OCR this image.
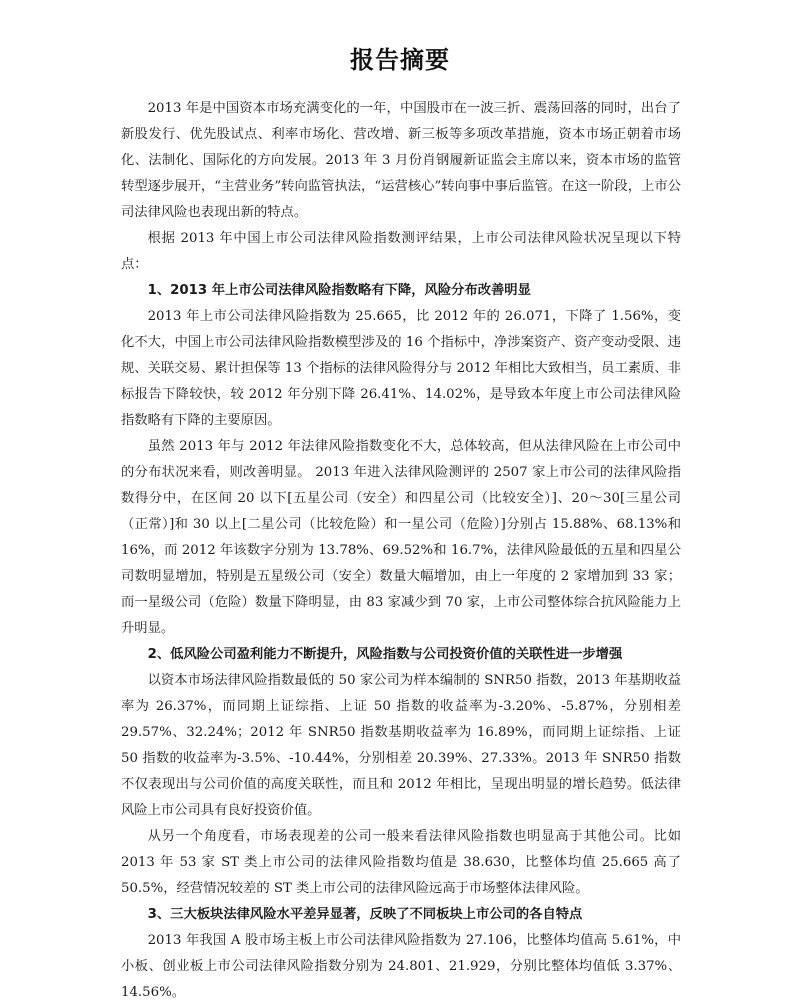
报告摘要

2013 年是中国资本市场充满变化的一年，中国股市在一波三折、震荡回落的同时，出台了新股发行、优先股试点、利率市场化、营改增、新三板等多项改革措施，资本市场正朝着市场化、法制化、国际化的方向发展。2013 年 3 月份肖钢履新证监会主席以来，资本市场的监管转型逐步展开，“主营业务”转向监管执法，“运营核心”转向事中事后监管。在这一阶段，上市公司法律风险也表现出新的特点。

根据 2013 年中国上市公司法律风险指数测评结果，上市公司法律风险状况呈现以下特点：

1、2013 年上市公司法律风险指数略有下降，风险分布改善明显

2013 年上市公司法律风险指数为 25.665，比 2012 年的 26.071，下降了 1.56%，变化不大，中国上市公司法律风险指数模型涉及的 16 个指标中，净涉案资产、资产变动受限、违规、关联交易、累计担保等 13 个指标的法律风险得分与 2012 年相比大致相当，员工素质、非标报告下降较快，较 2012 年分别下降 26.41%、14.02%，是导致本年度上市公司法律风险指数略有下降的主要原因。

虽然 2013 年与 2012 年法律风险指数变化不大，总体较高，但从法律风险在上市公司中的分布状况来看，则改善明显。 2013 年进入法律风险测评的 2507 家上市公司的法律风险指数得分中，在区间 20 以下[五星公司（安全）和四星公司（比较安全）]、20～30[三星公司（正常）]和 30 以上[二星公司（比较危险）和一星公司（危险）]分别占 15.88%、68.13%和 16%，而 2012 年该数字分别为 13.78%、69.52%和 16.7%，法律风险最低的五星和四星公司数明显增加，特别是五星级公司（安全）数量大幅增加，由上一年度的 2 家增加到 33 家；而一星级公司（危险）数量下降明显，由 83 家减少到 70 家，上市公司整体综合抗风险能力上升明显。

2、低风险公司盈利能力不断提升，风险指数与公司投资价值的关联性进一步增强

以资本市场法律风险指数最低的 50 家公司为样本编制的 SNR50 指数，2013 年基期收益率为 26.37%，而同期上证综指、上证 50 指数的收益率为-3.20%、-5.87%，分别相差 29.57%、32.24%；2012 年 SNR50 指数基期收益率为 16.89%，而同期上证综指、上证 50 指数的收益率为-3.5%、-10.44%，分别相差 20.39%、27.33%。2013 年 SNR50 指数不仅表现出与公司价值的高度关联性，而且和 2012 年相比，呈现出明显的增长趋势。低法律风险上市公司具有良好投资价值。

从另一个角度看，市场表现差的公司一般来看法律风险指数也明显高于其他公司。比如 2013 年 53 家 ST 类上市公司的法律风险指数均值是 38.630，比整体均值 25.665 高了 50.5%，经营情况较差的 ST 类上市公司的法律风险远高于市场整体法律风险。

3、三大板块法律风险水平差异显著，反映了不同板块上市公司的各自特点

2013 年我国 A 股市场主板上市公司法律风险指数为 27.106，比整体均值高 5.61%，中小板、创业板上市公司法律风险指数分别为 24.801、21.929，分别比整体均值低 3.37%、14.56%。
